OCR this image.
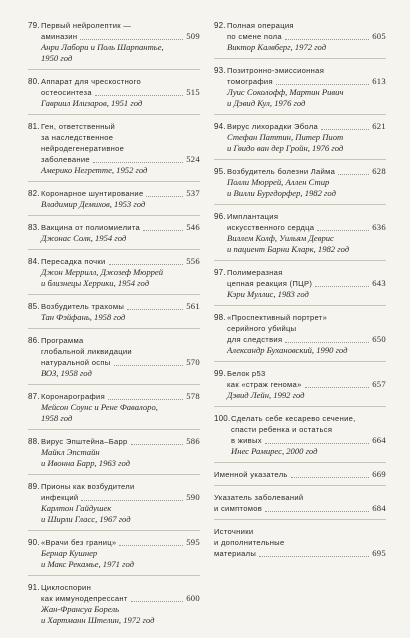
79. Первый нейролептик —
аминазин	509
Анри Лаборu и Поль Шарпантье,
1950 год
80. Аппарат для чрескостного
остеосинтеза	515
Гавриил Илизаров, 1951 год
81. Ген, ответственный
за наследственное
нейродегенеративное
заболевание	524
Америко Негретте, 1952 год
82. Коронарное шунтирование	537
Владимир Демихов, 1953 год
83. Вакцина от полиомиелита	546
Джонас Солк, 1954 год
84. Пересадка почки	556
Джон Меррилл, Джозеф Мюррей
и близнецы Херрики, 1954 год
85. Возбудитель трахомы	561
Тан Фэйфань, 1958 год
86. Программа
глобальной ликвидации
натуральной оспы	570
ВОЗ, 1958 год
87. Коронарография	578
Мейсон Соунс и Рене Фавалоро,
1958 год
88. Вирус Эпштейна–Барр	586
Майкл Эпстайн
и Ивонна Барр, 1963 год
89. Прионы как возбудители
инфекций	590
Карлтон Гайдушек
и Ширли Гласс, 1967 год
90. «Врачи без границ»	595
Бернар Кушнер
и Макс Рекамье, 1971 год
91. Циклоспорин
как иммунодепрессант	600
Жан-Франсуа Борель
и Хартманн Штелин, 1972 год
92. Полная операция
по смене пола	605
Виктор Калвберг, 1972 год
93. Позитронно-эмиссионная
томография	613
Луис Соколофф, Мартин Ривич
и Дэвид Кул, 1976 год
94. Вирус лихорадки Эбола	621
Стефан Паттин, Питер Пиот
и Гвидо ван дер Гройн, 1976 год
95. Возбудитель болезни Лайма	628
Полли Мюррей, Аллен Стир
и Вилли Бургдорфер, 1982 год
96. Имплантация
искусственного сердца	636
Виллем Колф, Уильям Деврис
и пациент Барни Кларк, 1982 год
97. Полимеразная
цепная реакция (ПЦР)	643
Кэри Муллис, 1983 год
98. «Проспективный портрет»
серийного убийцы
для следствия	650
Александр Бухановский, 1990 год
99. Белок p53
как «страж генома»	657
Дэвид Лейн, 1992 год
100. Сделать себе кесарево сечение,
спасти ребенка и остаться
в живых	664
Инес Рамирес, 2000 год
Именной указатель	669
Указатель заболеваний
и симптомов	684
Источники
и дополнительные
материалы	695
